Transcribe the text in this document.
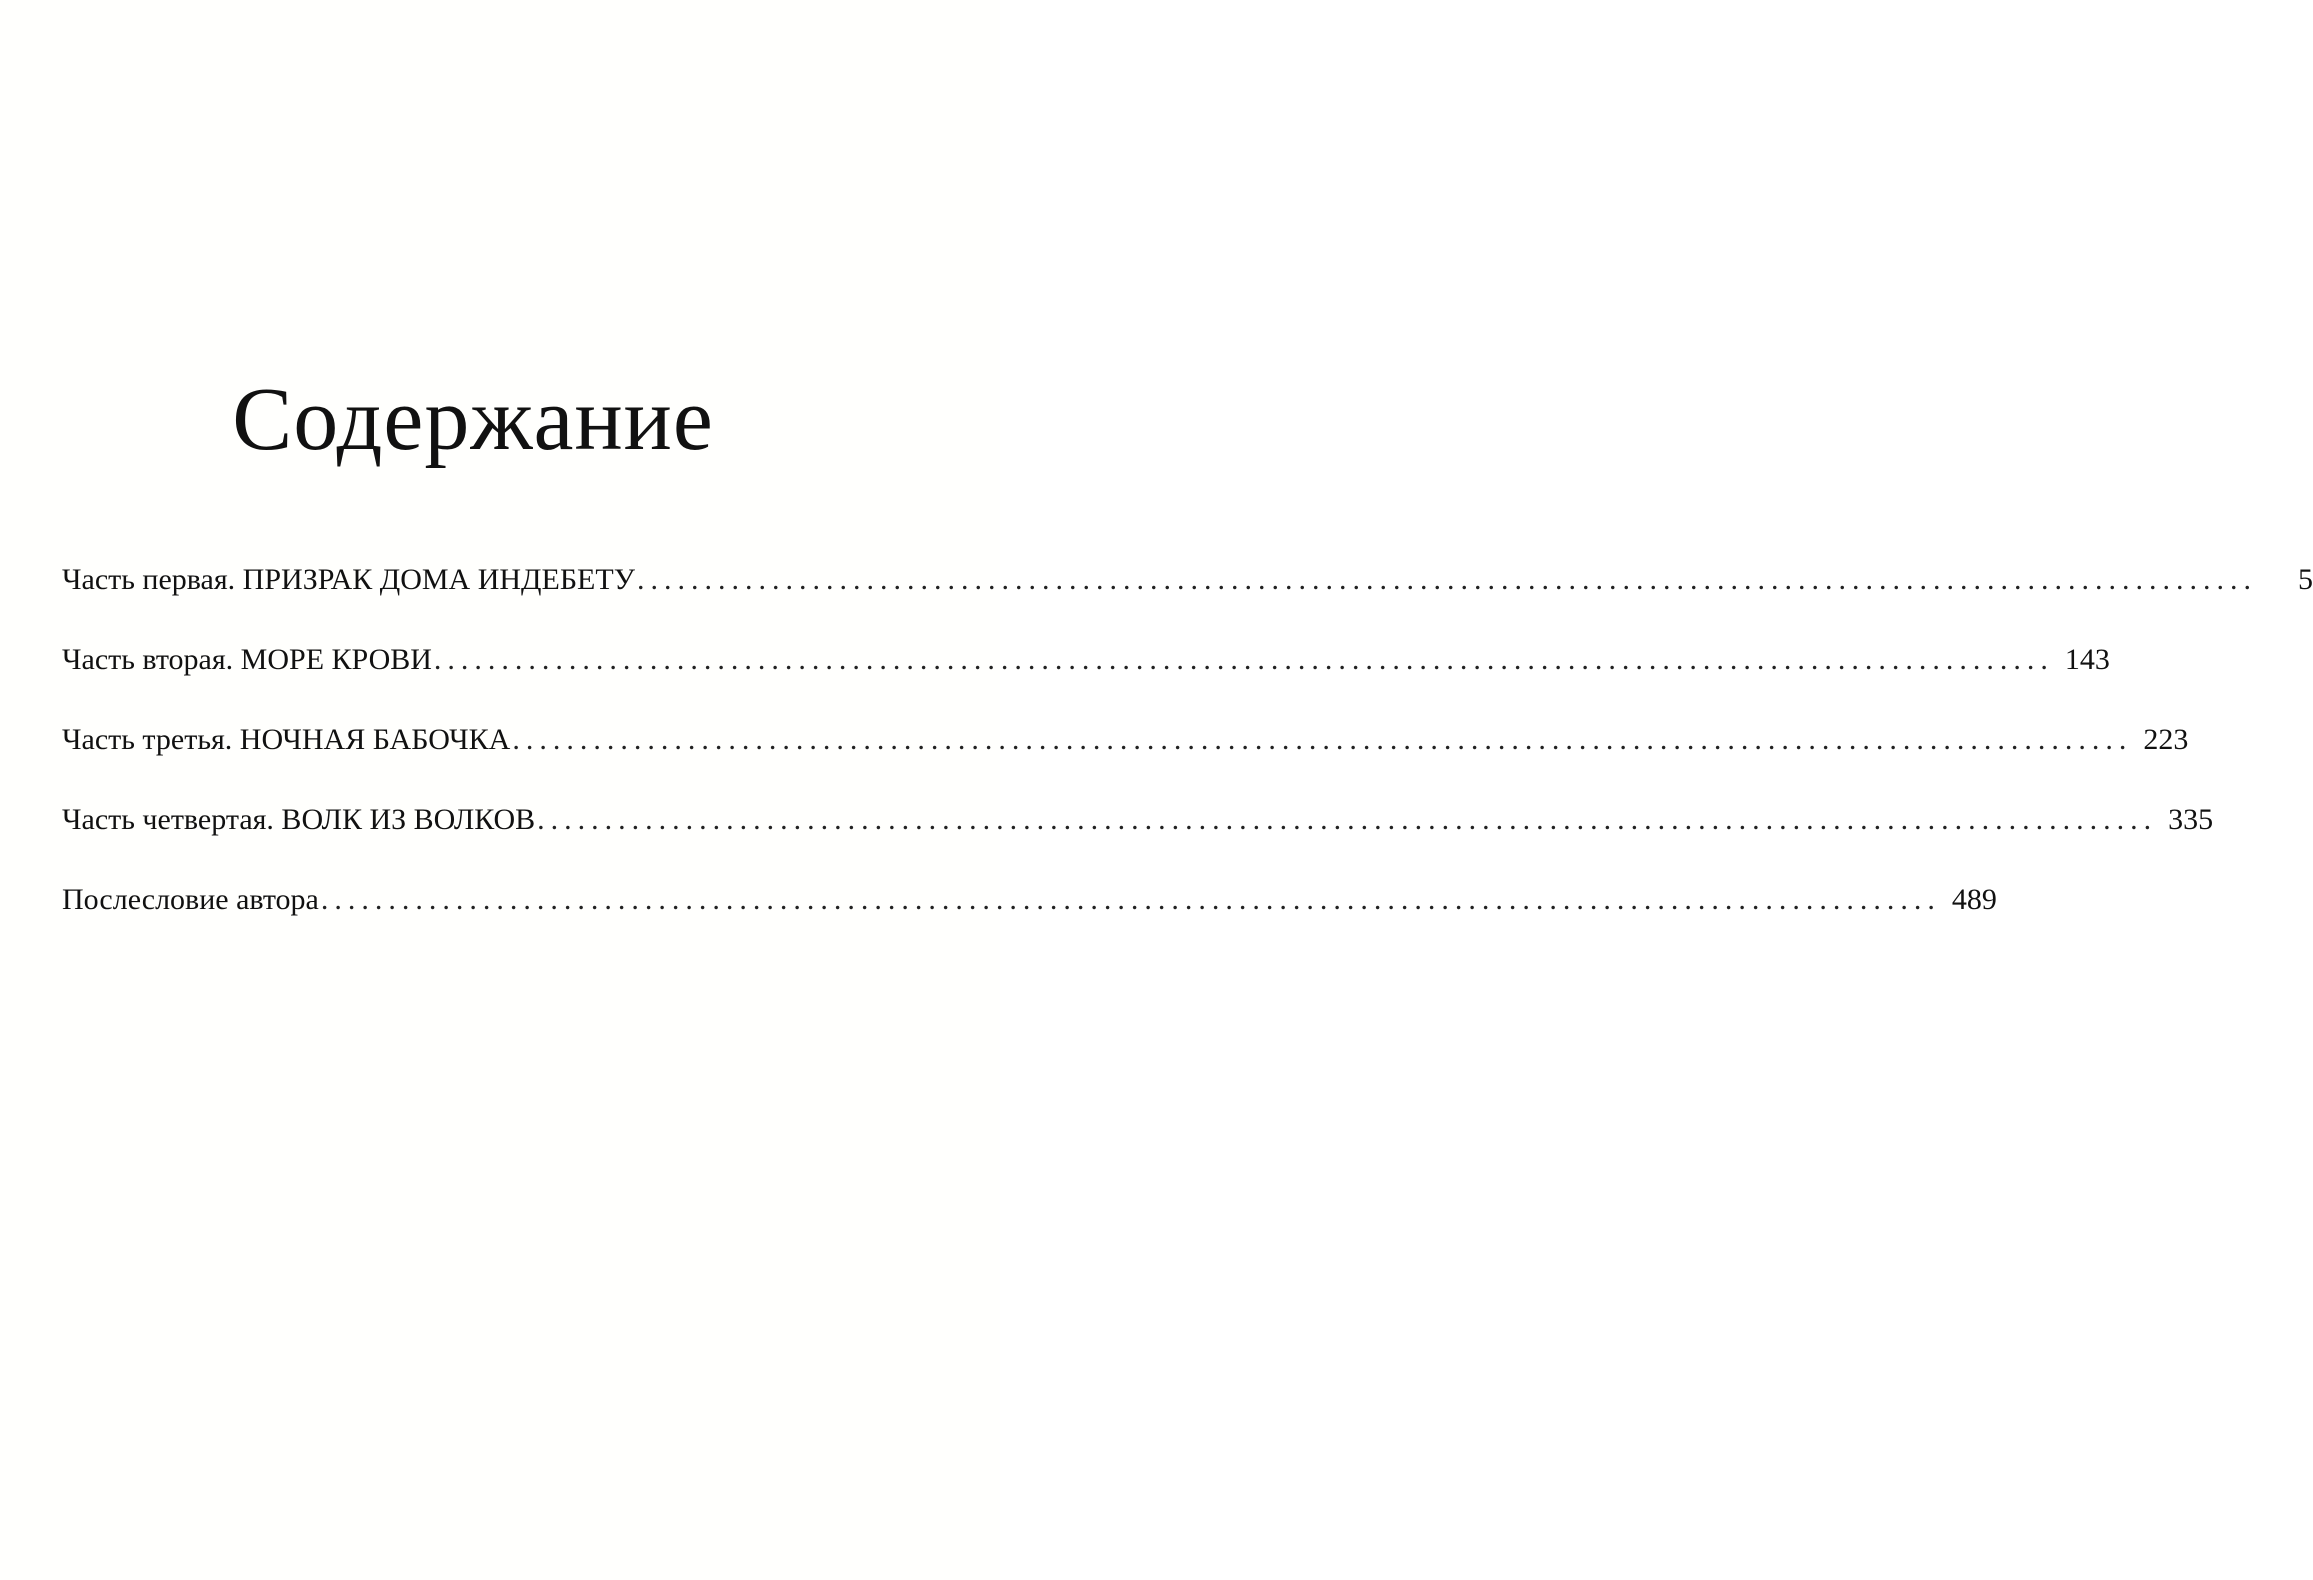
Содержание
Часть первая. ПРИЗРАК ДОМА ИНДЕБЕТУ ........................................................................................................................	5
Часть вторая. МОРЕ КРОВИ ........................................................................................................................ 143
Часть третья. НОЧНАЯ БАБОЧКА ........................................................................................................................ 223
Часть четвертая. ВОЛК ИЗ ВОЛКОВ ........................................................................................................................ 335
Послесловие автора ........................................................................................................................ 489
